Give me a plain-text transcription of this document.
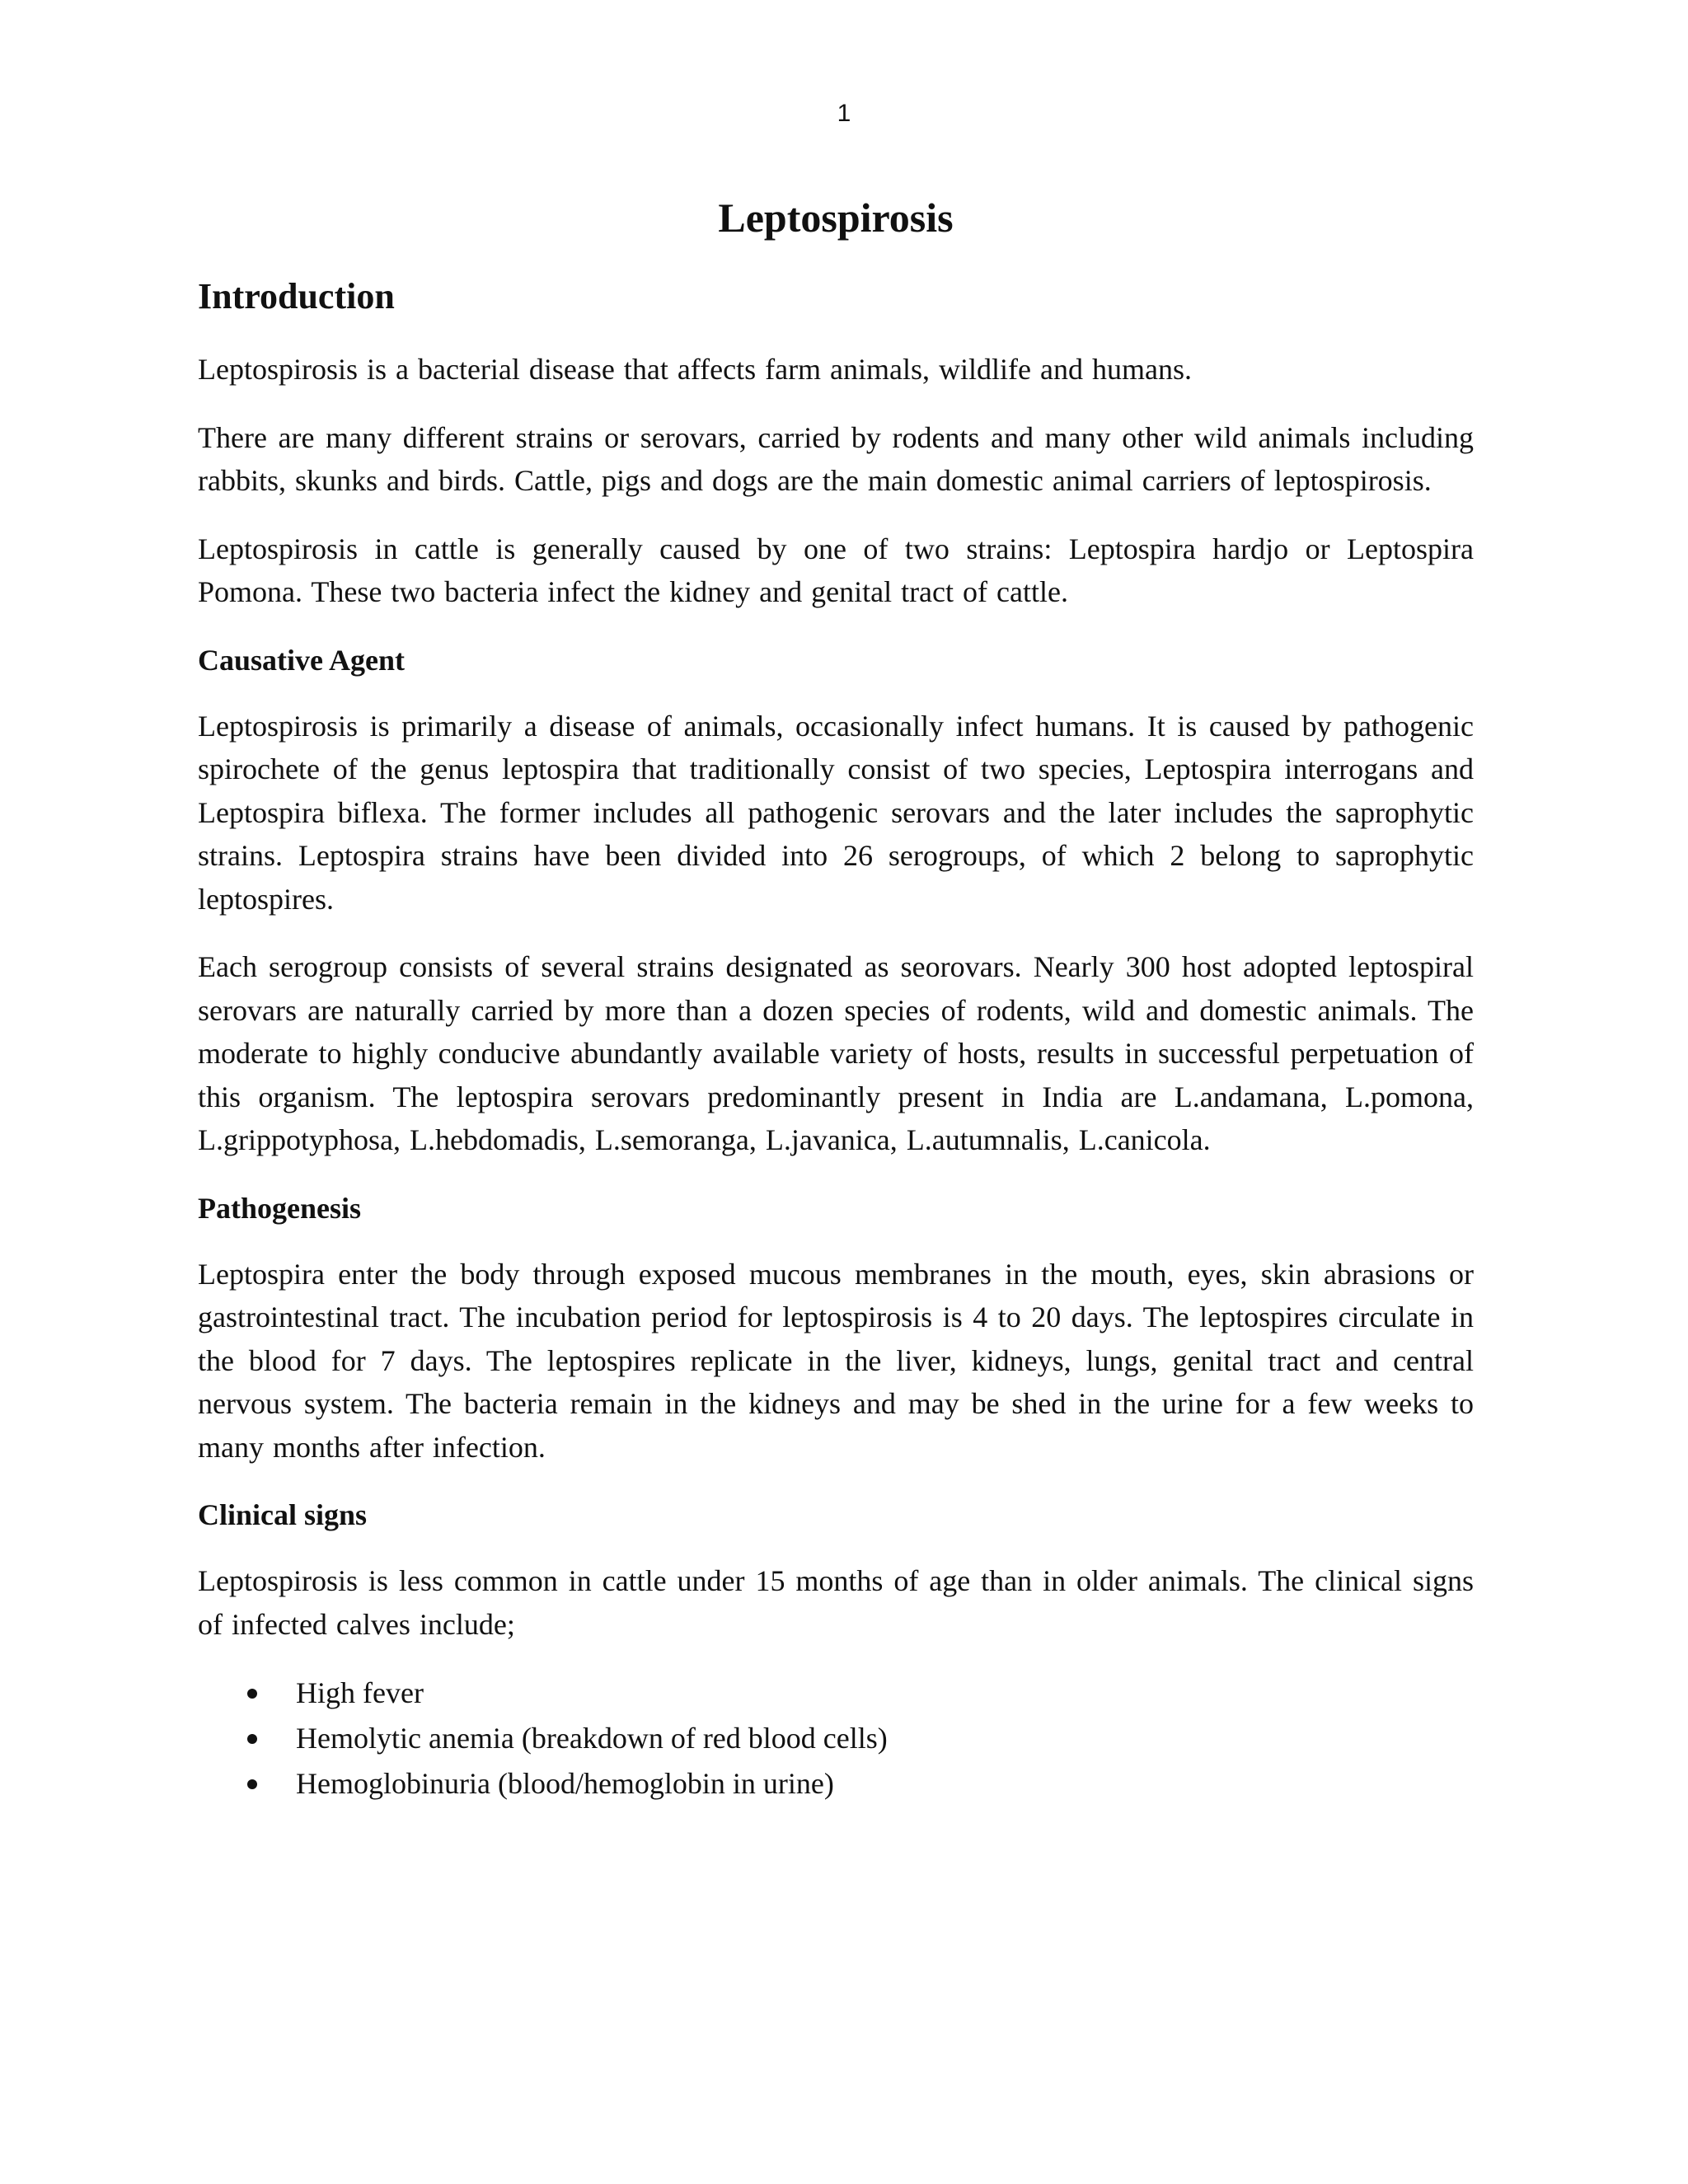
1
Leptospirosis
Introduction

Leptospirosis is a bacterial disease that affects farm animals, wildlife and humans.

There are many different strains or serovars, carried by rodents and many other wild animals including rabbits, skunks and birds. Cattle, pigs and dogs are the main domestic animal carriers of leptospirosis.

Leptospirosis in cattle is generally caused by one of two strains: Leptospira hardjo or Leptospira Pomona. These two bacteria infect the kidney and genital tract of cattle.

Causative Agent

Leptospirosis is primarily a disease of animals, occasionally infect humans. It is caused by pathogenic spirochete of the genus leptospira that traditionally consist of two species, Leptospira interrogans and Leptospira biflexa. The former includes all pathogenic serovars and the later includes the saprophytic strains. Leptospira strains have been divided into 26 serogroups, of which 2 belong to saprophytic leptospires.

Each serogroup consists of several strains designated as seorovars. Nearly 300 host adopted leptospiral serovars are naturally carried by more than a dozen species of rodents, wild and domestic animals. The moderate to highly conducive abundantly available variety of hosts, results in successful perpetuation of this organism. The leptospira serovars predominantly present in India are L.andamana, L.pomona, L.grippotyphosa, L.hebdomadis, L.semoranga, L.javanica, L.autumnalis, L.canicola.

Pathogenesis

Leptospira enter the body through exposed mucous membranes in the mouth, eyes, skin abrasions or gastrointestinal tract. The incubation period for leptospirosis is 4 to 20 days. The leptospires circulate in the blood for 7 days. The leptospires replicate in the liver, kidneys, lungs, genital tract and central nervous system. The bacteria remain in the kidneys and may be shed in the urine for a few weeks to many months after infection.

Clinical signs

Leptospirosis is less common in cattle under 15 months of age than in older animals. The clinical signs of infected calves include;

High fever
Hemolytic anemia (breakdown of red blood cells)
Hemoglobinuria (blood/hemoglobin in urine)
